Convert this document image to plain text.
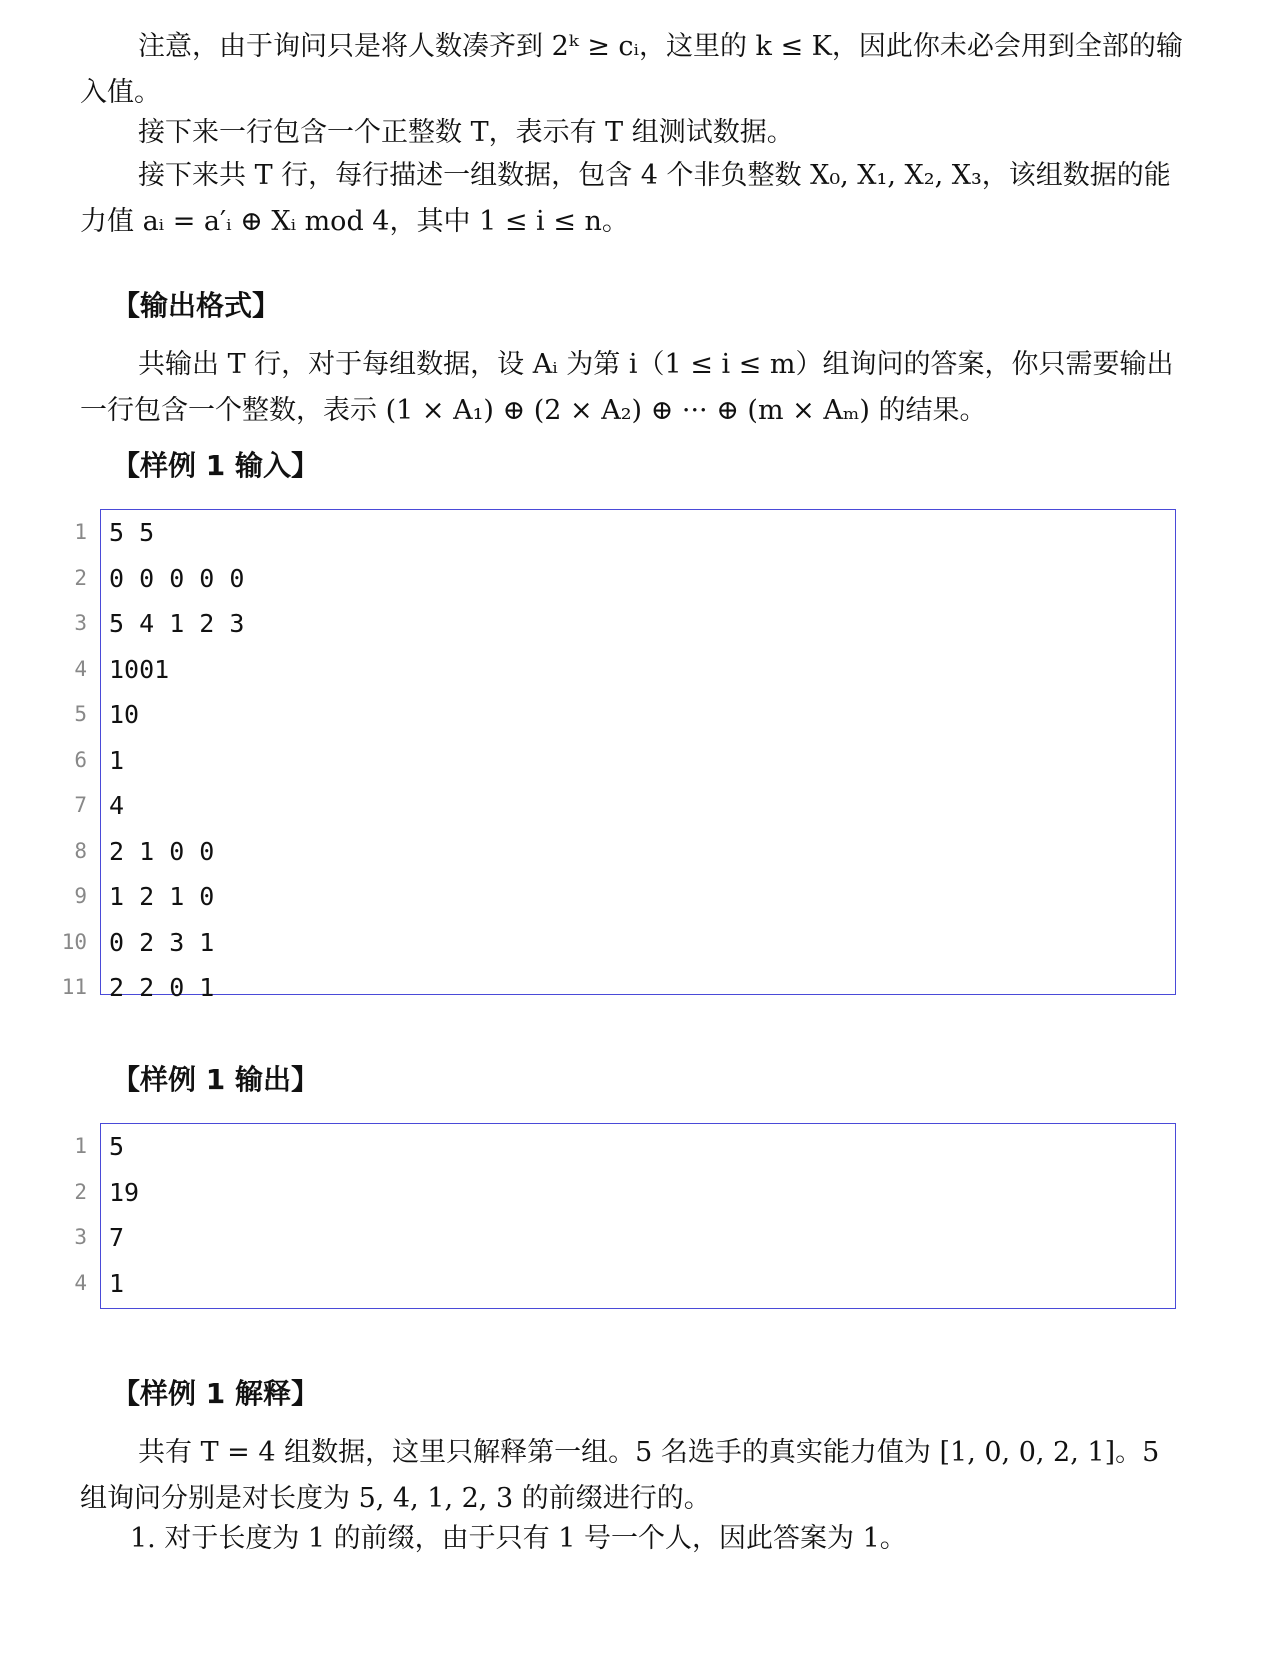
注意，由于询问只是将人数凑齐到 2ᵏ ≥ cᵢ，这里的 k ≤ K，因此你未必会用到全部的输入值。

接下来一行包含一个正整数 T，表示有 T 组测试数据。

接下来共 T 行，每行描述一组数据，包含 4 个非负整数 X₀, X₁, X₂, X₃，该组数据的能力值 aᵢ = a′ᵢ ⊕ Xᵢ mod 4，其中 1 ≤ i ≤ n。

【输出格式】

共输出 T 行，对于每组数据，设 Aᵢ 为第 i（1 ≤ i ≤ m）组询问的答案，你只需要输出一行包含一个整数，表示 (1 × A₁) ⊕ (2 × A₂) ⊕ ··· ⊕ (m × Aₘ) 的结果。

【样例 1 输入】
1 5 5
2 0 0 0 0 0
3 5 4 1 2 3
4 1001
5 10
6 1
7 4
8 2 1 0 0
9 1 2 1 0
10 0 2 3 1
11 2 2 0 1
【样例 1 输出】
1 5
2 19
3 7
4 1
【样例 1 解释】

共有 T = 4 组数据，这里只解释第一组。5 名选手的真实能力值为 [1, 0, 0, 2, 1]。5 组询问分别是对长度为 5, 4, 1, 2, 3 的前缀进行的。

1. 对于长度为 1 的前缀，由于只有 1 号一个人，因此答案为 1。
